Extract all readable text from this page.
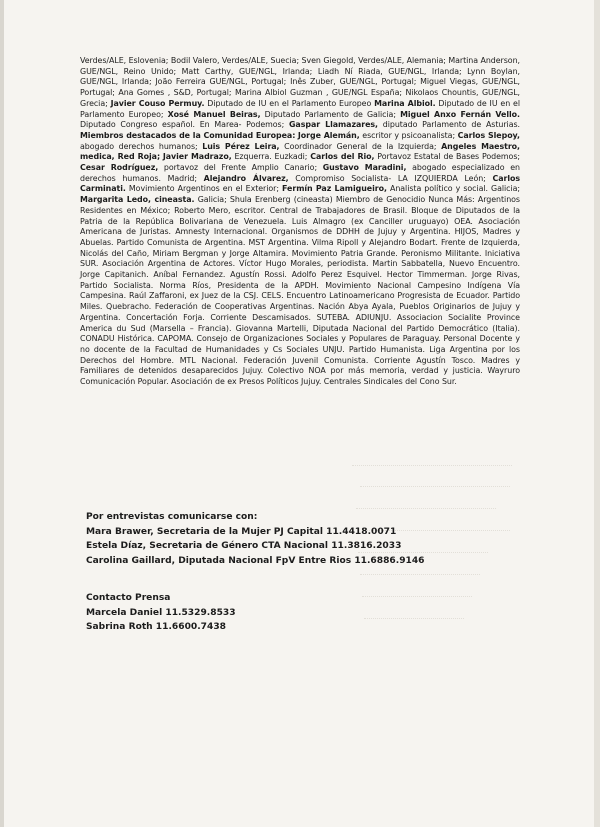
Verdes/ALE, Eslovenia; Bodil Valero, Verdes/ALE, Suecia; Sven Giegold, Verdes/ALE, Alemania; Martina Anderson, GUE/NGL, Reino Unido; Matt Carthy, GUE/NGL, Irlanda; Liadh Ní Riada, GUE/NGL, Irlanda; Lynn Boylan, GUE/NGL, Irlanda; João Ferreira GUE/NGL, Portugal; Inês Zuber, GUE/NGL, Portugal; Miguel Viegas, GUE/NGL, Portugal; Ana Gomes , S&D, Portugal; Marina Albiol Guzman , GUE/NGL España; Nikolaos Chountis, GUE/NGL, Grecia; Javier Couso Permuy. Diputado de IU en el Parlamento Europeo Marina Albiol. Diputado de IU en el Parlamento Europeo; Xosé Manuel Beiras, Diputado Parlamento de Galicia; Miguel Anxo Fernán Vello. Diputado Congreso español. En Marea- Podemos; Gaspar Llamazares, diputado Parlamento de Asturias. Miembros destacados de la Comunidad Europea: Jorge Alemán, escritor y psicoanalista; Carlos Slepoy, abogado derechos humanos; Luis Pérez Leira, Coordinador General de la Izquierda; Angeles Maestro, medica, Red Roja; Javier Madrazo, Ezquerra. Euzkadi; Carlos del Rio, Portavoz Estatal de Bases Podemos; Cesar Rodríguez, portavoz del Frente Amplio Canario; Gustavo Maradini, abogado especializado en derechos humanos. Madrid; Alejandro Álvarez, Compromiso Socialista- LA IZQUIERDA León; Carlos Carminati. Movimiento Argentinos en el Exterior; Fermín Paz Lamigueiro, Analista político y social. Galicia; Margarita Ledo, cineasta. Galicia; Shula Erenberg (cineasta) Miembro de Genocidio Nunca Más: Argentinos Residentes en México; Roberto Mero, escritor. Central de Trabajadores de Brasil. Bloque de Diputados de la Patria de la República Bolivariana de Venezuela. Luis Almagro (ex Canciller uruguayo) OEA. Asociación Americana de Juristas. Amnesty Internacional. Organismos de DDHH de Jujuy y Argentina. HIJOS, Madres y Abuelas. Partido Comunista de Argentina. MST Argentina. Vilma Ripoll y Alejandro Bodart. Frente de Izquierda, Nicolás del Caño, Miriam Bergman y Jorge Altamira. Movimiento Patria Grande. Peronismo Militante. Iniciativa SUR. Asociación Argentina de Actores. Víctor Hugo Morales, periodista. Martin Sabbatella, Nuevo Encuentro. Jorge Capitanich. Aníbal Fernandez. Agustín Rossi. Adolfo Perez Esquivel. Hector Timmerman. Jorge Rivas, Partido Socialista. Norma Ríos, Presidenta de la APDH. Movimiento Nacional Campesino Indígena Vía Campesina. Raúl Zaffaroni, ex Juez de la CSJ. CELS. Encuentro Latinoamericano Progresista de Ecuador. Partido Miles. Quebracho. Federación de Cooperativas Argentinas. Nación Abya Ayala, Pueblos Originarios de Jujuy y Argentina. Concertación Forja. Corriente Descamisados. SUTEBA. ADIUNJU. Associacion Socialite Province America du Sud (Marsella – Francia). Giovanna Martelli, Diputada Nacional del Partido Democrático (Italia). CONADU Histórica. CAPOMA. Consejo de Organizaciones Sociales y Populares de Paraguay. Personal Docente y no docente de la Facultad de Humanidades y Cs Sociales UNJU. Partido Humanista. Liga Argentina por los Derechos del Hombre. MTL Nacional. Federación Juvenil Comunista. Corriente Agustín Tosco. Madres y Familiares de detenidos desaparecidos Jujuy. Colectivo NOA por más memoria, verdad y justicia. Wayruro Comunicación Popular. Asociación de ex Presos Políticos Jujuy. Centrales Sindicales del Cono Sur.
Por entrevistas comunicarse con:
Mara Brawer, Secretaria de la Mujer PJ Capital 11.4418.0071
Estela Díaz, Secretaria de Género CTA Nacional 11.3816.2033
Carolina Gaillard, Diputada Nacional FpV Entre Rios 11.6886.9146
Contacto Prensa
Marcela Daniel 11.5329.8533
Sabrina Roth 11.6600.7438
